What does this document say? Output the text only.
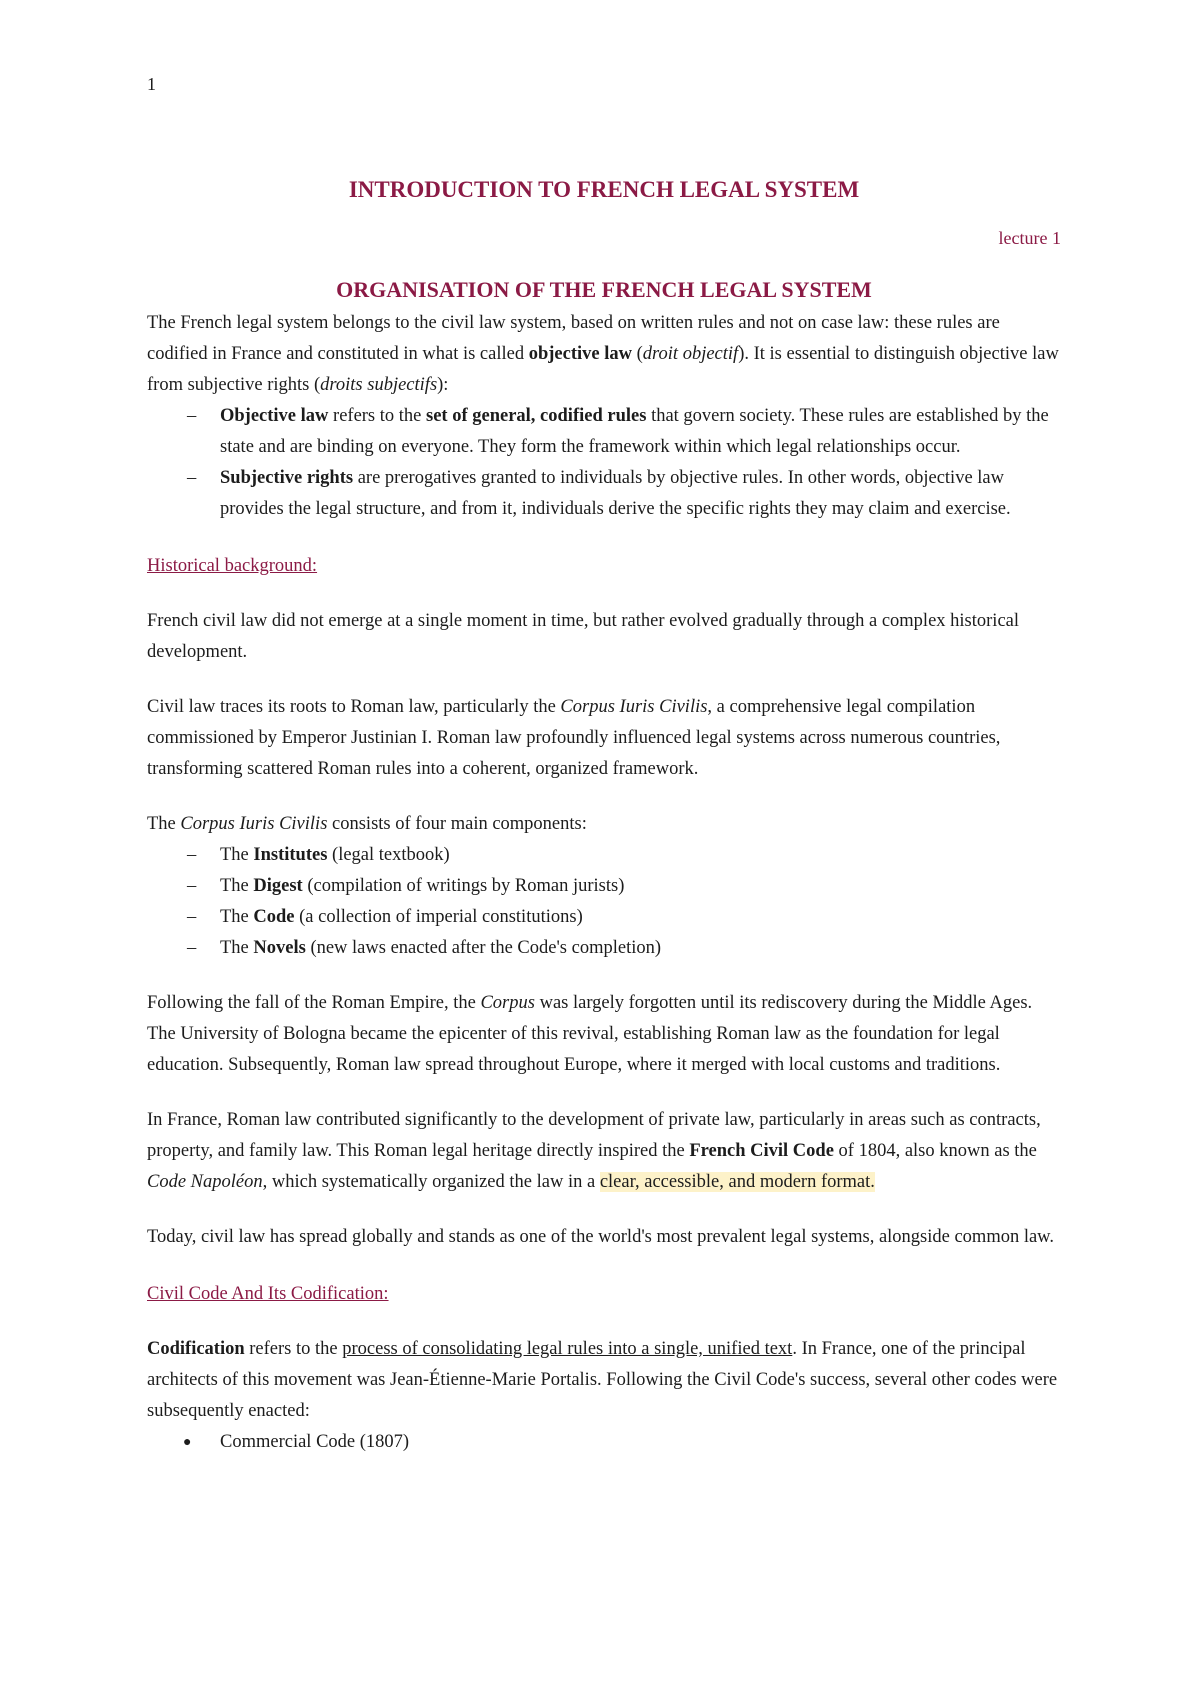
1
INTRODUCTION TO FRENCH LEGAL SYSTEM
lecture 1
ORGANISATION OF THE FRENCH LEGAL SYSTEM

The French legal system belongs to the civil law system, based on written rules and not on case law: these rules are codified in France and constituted in what is called objective law (droit objectif). It is essential to distinguish objective law from subjective rights (droits subjectifs):

– Objective law refers to the set of general, codified rules that govern society. These rules are established by the state and are binding on everyone. They form the framework within which legal relationships occur.
– Subjective rights are prerogatives granted to individuals by objective rules. In other words, objective law provides the legal structure, and from it, individuals derive the specific rights they may claim and exercise.
Historical background:

French civil law did not emerge at a single moment in time, but rather evolved gradually through a complex historical development.

Civil law traces its roots to Roman law, particularly the Corpus Iuris Civilis, a comprehensive legal compilation commissioned by Emperor Justinian I. Roman law profoundly influenced legal systems across numerous countries, transforming scattered Roman rules into a coherent, organized framework.

The Corpus Iuris Civilis consists of four main components:

– The Institutes (legal textbook)
– The Digest (compilation of writings by Roman jurists)
– The Code (a collection of imperial constitutions)
– The Novels (new laws enacted after the Code's completion)

Following the fall of the Roman Empire, the Corpus was largely forgotten until its rediscovery during the Middle Ages. The University of Bologna became the epicenter of this revival, establishing Roman law as the foundation for legal education. Subsequently, Roman law spread throughout Europe, where it merged with local customs and traditions.

In France, Roman law contributed significantly to the development of private law, particularly in areas such as contracts, property, and family law. This Roman legal heritage directly inspired the French Civil Code of 1804, also known as the Code Napoléon, which systematically organized the law in a clear, accessible, and modern format.

Today, civil law has spread globally and stands as one of the world's most prevalent legal systems, alongside common law.

Civil Code And Its Codification:

Codification refers to the process of consolidating legal rules into a single, unified text. In France, one of the principal architects of this movement was Jean-Étienne-Marie Portalis. Following the Civil Code's success, several other codes were subsequently enacted:

● Commercial Code (1807)
